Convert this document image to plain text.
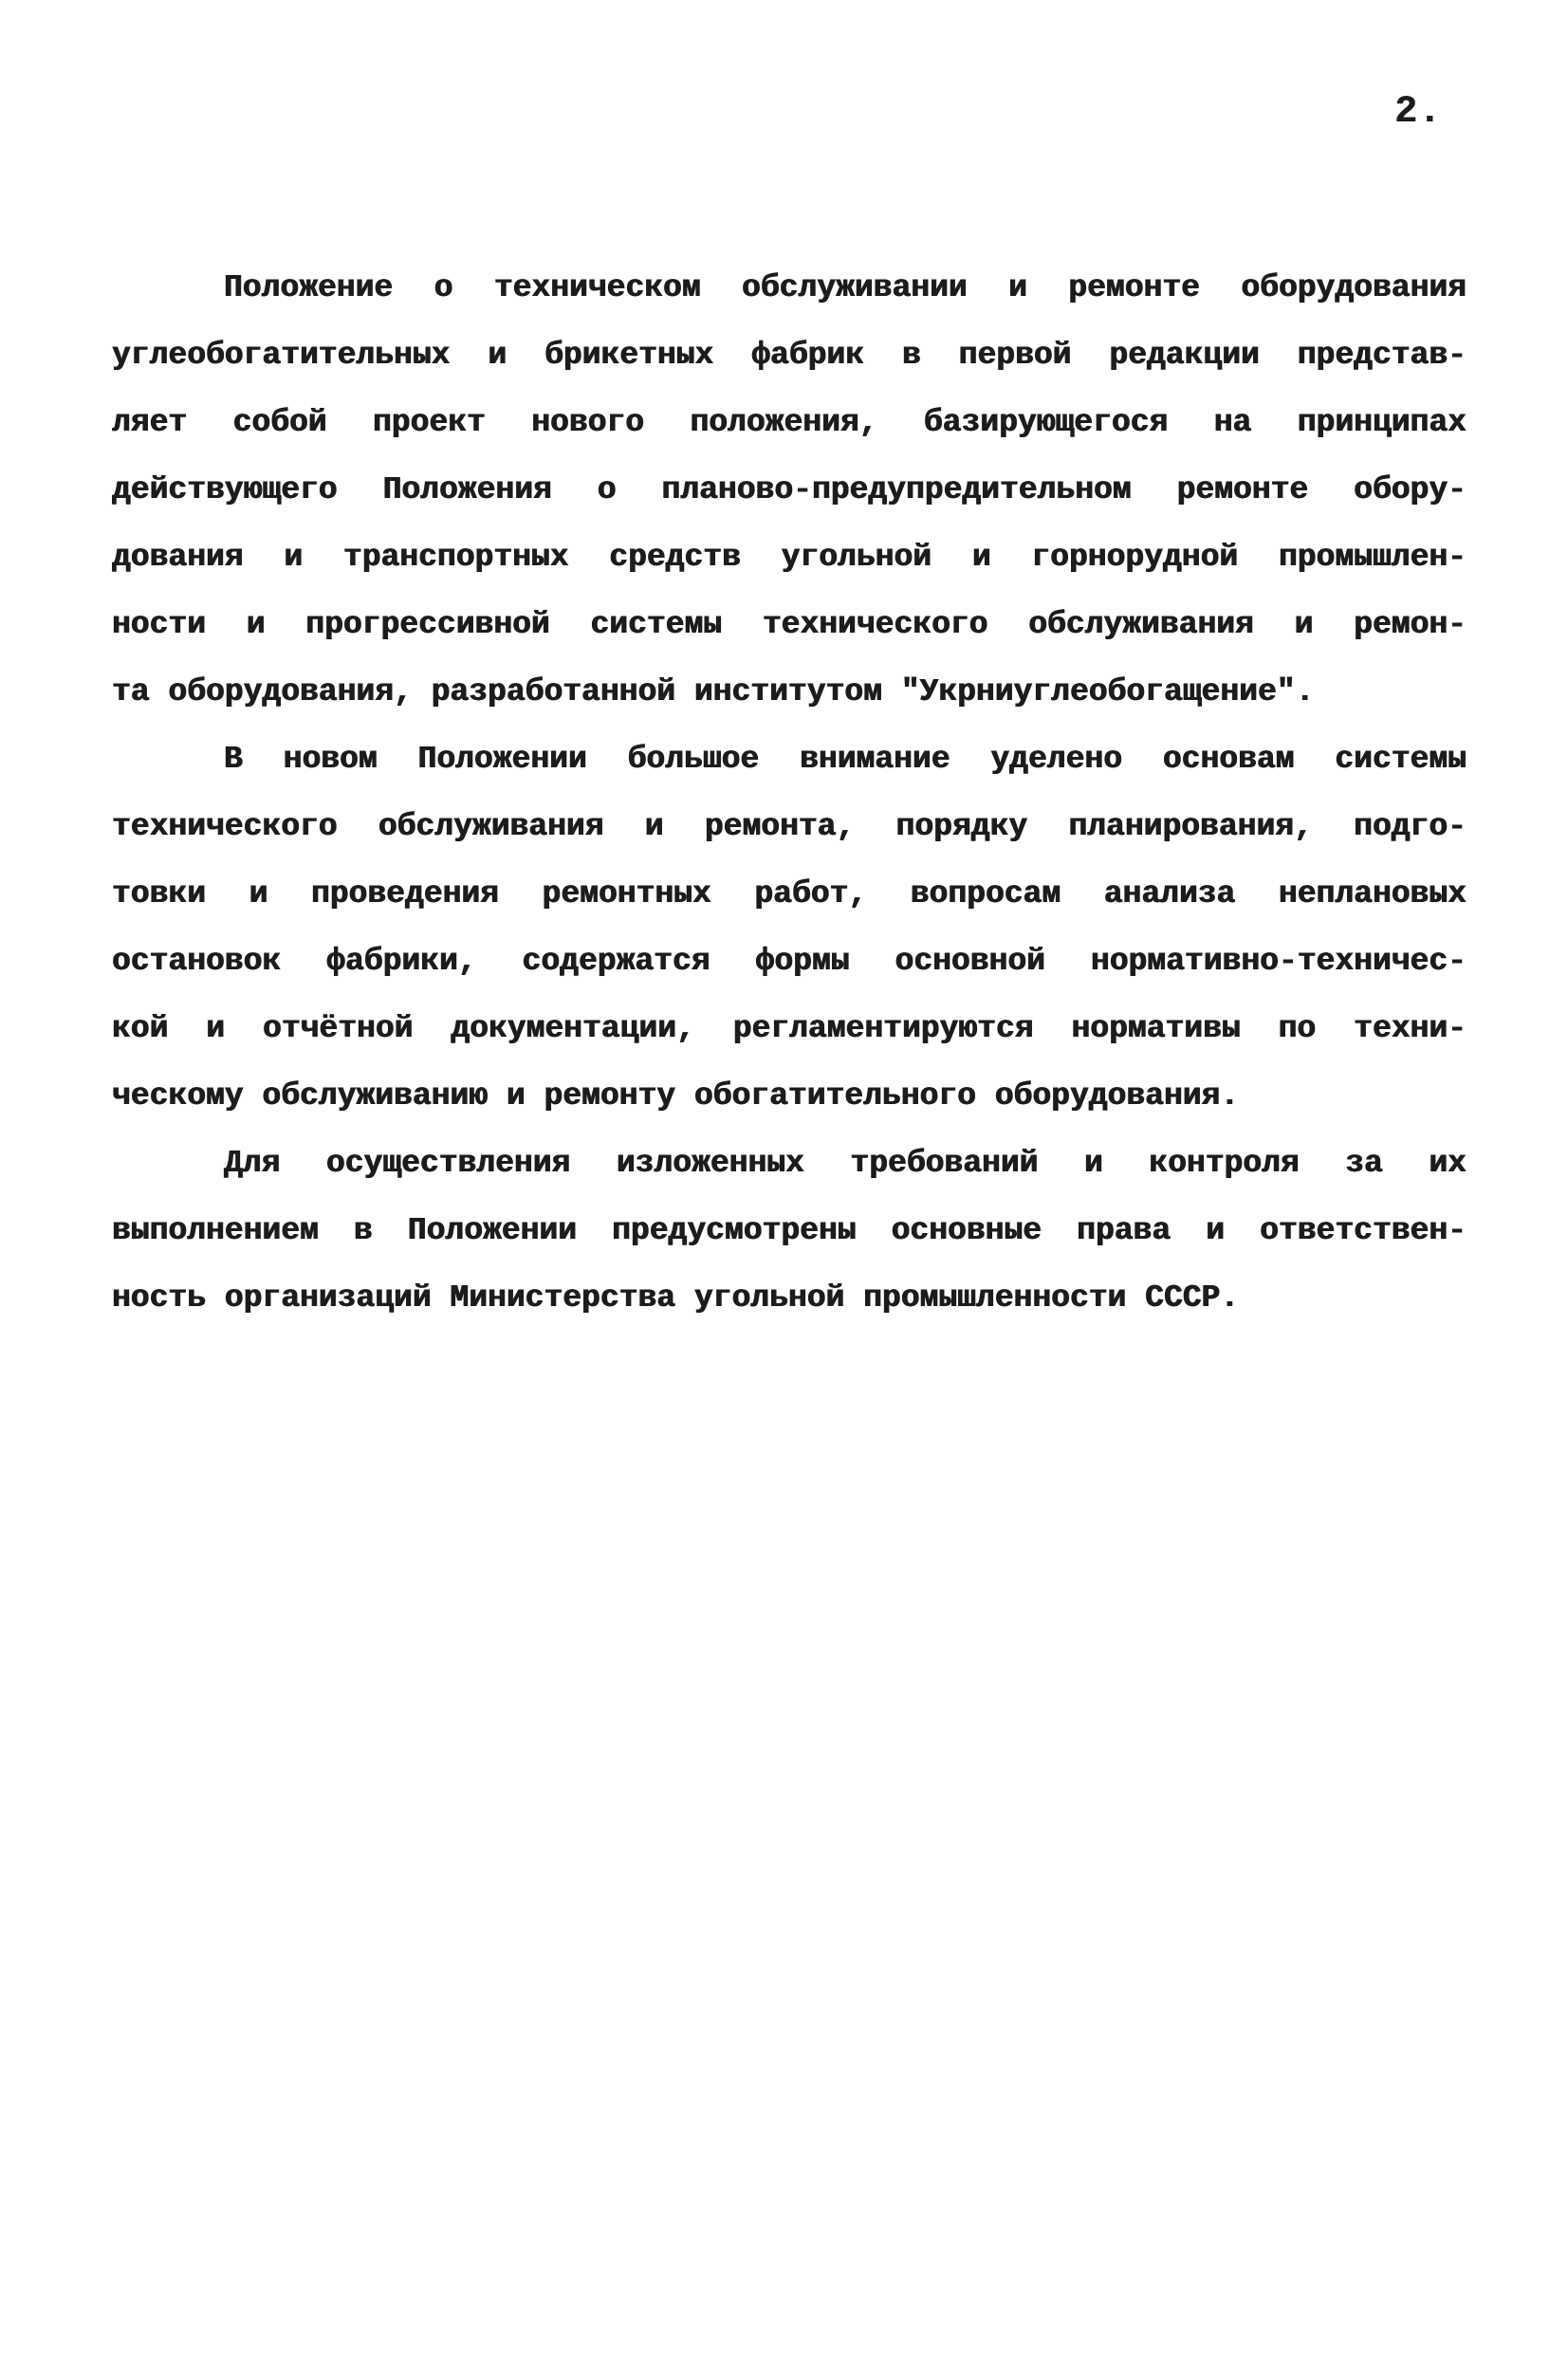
2.
Положение о техническом обслуживании и ремонте оборудования
углеобогатительных и брикетных фабрик в первой редакции представ-
ляет собой проект нового положения, базирующегося на принципах
действующего Положения о планово-предупредительном ремонте обору-
дования и транспортных средств угольной и горнорудной промышлен-
ности и прогрессивной системы технического обслуживания и ремон-
та оборудования, разработанной институтом "Укрниуглеобогащение".
В новом Положении большое внимание уделено основам системы
технического обслуживания и ремонта, порядку планирования, подго-
товки и проведения ремонтных работ, вопросам анализа неплановых
остановок фабрики, содержатся формы основной нормативно-техничес-
кой и отчётной документации, регламентируются нормативы по техни-
ческому обслуживанию и ремонту обогатительного оборудования.
Для осуществления изложенных требований и контроля за их
выполнением в Положении предусмотрены основные права и ответствен-
ность организаций Министерства угольной промышленности СССР.
